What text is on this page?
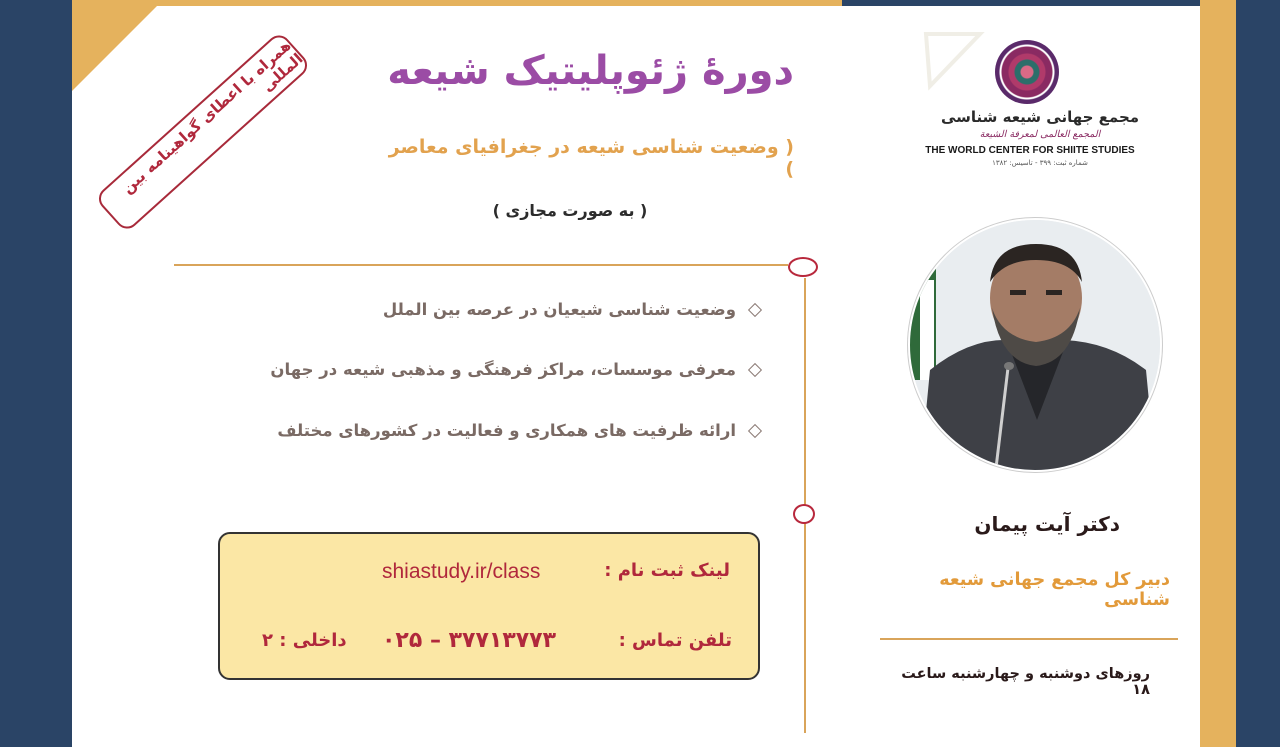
همراه با اعطای گواهینامه بین المللی	دورهٔ ژئوپلیتیک شیعه
( وضعیت شناسی شیعه در جغرافیای معاصر )
( به صورت مجازی )
وضعیت شناسی شیعیان در عرصه بین الملل
معرفی موسسات، مراکز فرهنگی و مذهبی شیعه در جهان
ارائه ظرفیت های همکاری و فعالیت در کشورهای مختلف
لینک ثبت نام :
shiastudy.ir/class
تلفن تماس :
۰۲۵ – ۳۷۷۱۳۷۷۳
داخلی : ۲
مجمع جهانی شیعه شناسی
المجمع العالمی لمعرفة الشیعة
THE WORLD CENTER FOR SHIITE STUDIES
شماره ثبت: ۳۹۹ - تاسیس: ۱۳۸۲
دکتر آیت پیمان
دبیر کل مجمع جهانی شیعه شناسی
روزهای دوشنبه و چهارشنبه ساعت ۱۸
